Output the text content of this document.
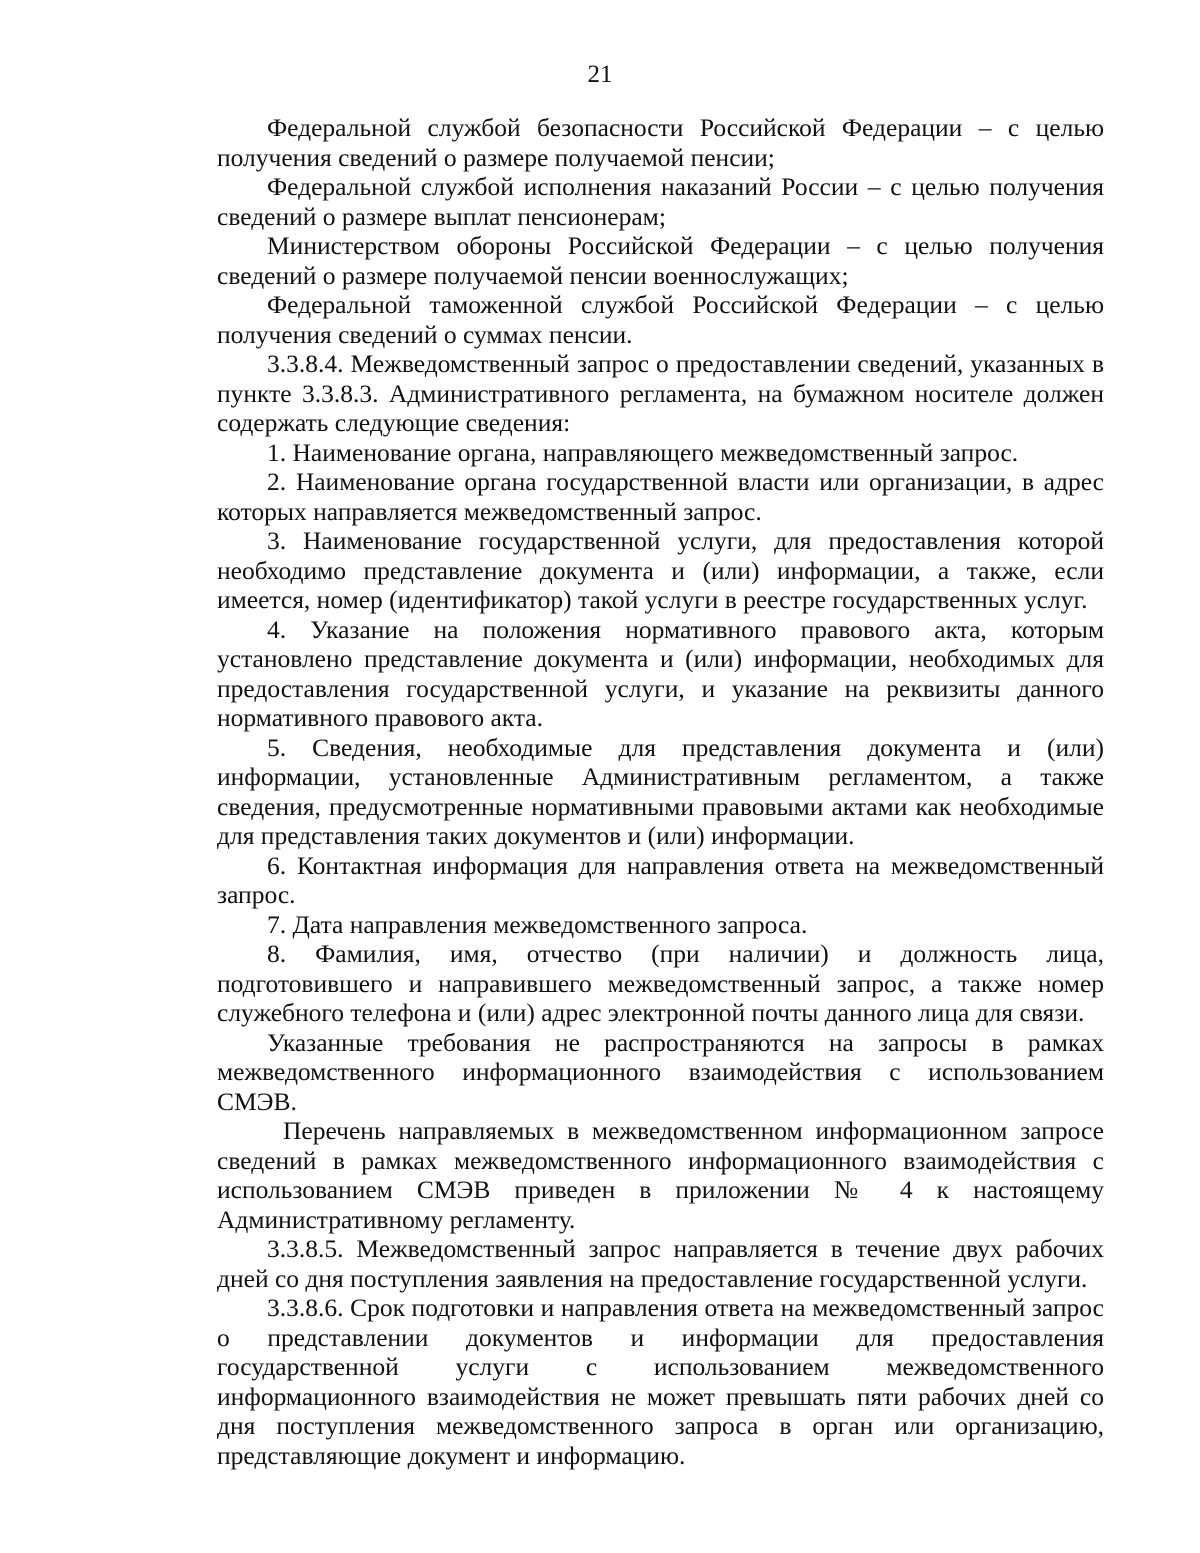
21

Федеральной службой безопасности Российской Федерации – с целью получения сведений о размере получаемой пенсии;

Федеральной службой исполнения наказаний России – с целью получения сведений о размере выплат пенсионерам;

Министерством обороны Российской Федерации – с целью получения сведений о размере получаемой пенсии военнослужащих;

Федеральной таможенной службой Российской Федерации – с целью получения сведений о суммах пенсии.

3.3.8.4. Межведомственный запрос о предоставлении сведений, указанных в пункте 3.3.8.3. Административного регламента, на бумажном носителе должен содержать следующие сведения:

1. Наименование органа, направляющего межведомственный запрос.

2. Наименование органа государственной власти или организации, в адрес которых направляется межведомственный запрос.

3. Наименование государственной услуги, для предоставления которой необходимо представление документа и (или) информации, а также, если имеется, номер (идентификатор) такой услуги в реестре государственных услуг.

4. Указание на положения нормативного правового акта, которым установлено представление документа и (или) информации, необходимых для предоставления государственной услуги, и указание на реквизиты данного нормативного правового акта.

5. Сведения, необходимые для представления документа и (или) информации, установленные Административным регламентом, а также сведения, предусмотренные нормативными правовыми актами как необходимые для представления таких документов и (или) информации.

6. Контактная информация для направления ответа на межведомственный запрос.

7. Дата направления межведомственного запроса.

8. Фамилия, имя, отчество (при наличии) и должность лица, подготовившего и направившего межведомственный запрос, а также номер служебного телефона и (или) адрес электронной почты данного лица для связи.

Указанные требования не распространяются на запросы в рамках межведомственного информационного взаимодействия с использованием СМЭВ.

Перечень направляемых в межведомственном информационном запросе сведений в рамках межведомственного информационного взаимодействия с использованием СМЭВ приведен в приложении № 4 к настоящему Административному регламенту.

3.3.8.5. Межведомственный запрос направляется в течение двух рабочих дней со дня поступления заявления на предоставление государственной услуги.

3.3.8.6. Срок подготовки и направления ответа на межведомственный запрос о представлении документов и информации для предоставления государственной услуги с использованием межведомственного информационного взаимодействия не может превышать пяти рабочих дней со дня поступления межведомственного запроса в орган или организацию, представляющие документ и информацию.
